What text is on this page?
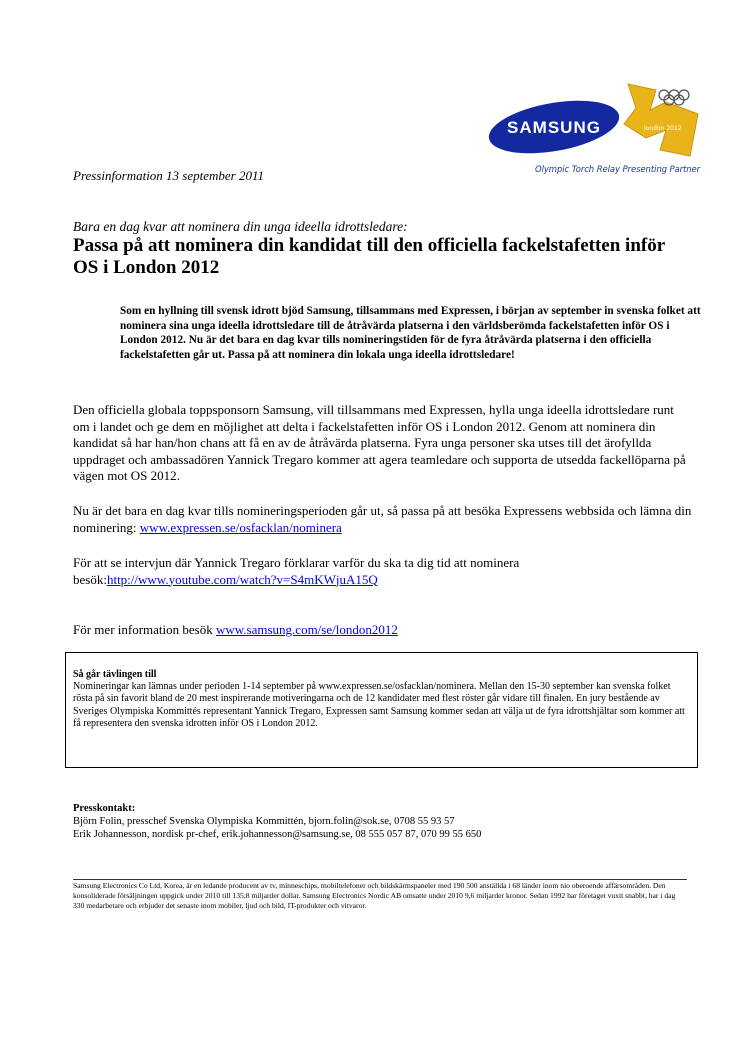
SAMSUNG	london 2012
Olympic Torch Relay Presenting Partner
Pressinformation 13 september 2011
Bara en dag kvar att nominera din unga ideella idrottsledare:
Passa på att nominera din kandidat till den officiella fackelstafetten inför OS i London 2012

Som en hyllning till svensk idrott bjöd Samsung, tillsammans med Expressen, i början av september in svenska folket att nominera sina unga ideella idrottsledare till de åtråvärda platserna i den världsberömda fackelstafetten inför OS i London 2012. Nu är det bara en dag kvar tills nomineringstiden för de fyra åtråvärda platserna i den officiella fackelstafetten går ut. Passa på att nominera din lokala unga ideella idrottsledare!

Den officiella globala toppsponsorn Samsung, vill tillsammans med Expressen, hylla unga ideella idrottsledare runt om i landet och ge dem en möjlighet att delta i fackelstafetten inför OS i London 2012. Genom att nominera din kandidat så har han/hon chans att få en av de åtråvärda platserna. Fyra unga personer ska utses till det ärofyllda uppdraget och ambassadören Yannick Tregaro kommer att agera teamledare och supporta de utsedda fackellöparna på vägen mot OS 2012.

Nu är det bara en dag kvar tills nomineringsperioden går ut, så passa på att besöka Expressens webbsida och lämna din nominering: www.expressen.se/osfacklan/nominera

För att se intervjun där Yannick Tregaro förklarar varför du ska ta dig tid att nominera besök:http://www.youtube.com/watch?v=S4mKWjuA15Q

För mer information besök www.samsung.com/se/london2012

Så går tävlingen till

Nomineringar kan lämnas under perioden 1-14 september på www.expressen.se/osfacklan/nominera. Mellan den 15-30 september kan svenska folket rösta på sin favorit bland de 20 mest inspirerande motiveringarna och de 12 kandidater med flest röster går vidare till finalen. En jury bestående av Sveriges Olympiska Kommittés representant Yannick Tregaro, Expressen samt Samsung kommer sedan att välja ut de fyra idrottshjältar som kommer att få representera den svenska idrotten inför OS i London 2012.

Presskontakt:
Björn Folin, presschef Svenska Olympiska Kommittén, bjorn.folin@sok.se, 0708 55 93 57
Erik Johannesson, nordisk pr-chef, erik.johannesson@samsung.se, 08 555 057 87, 070 99 55 650

Samsung Electronics Co Ltd, Korea, är en ledande producent av tv, minneschips, mobiltelefoner och bildskärmspaneler med 190 500 anställda i 68 länder inom nio oberoende affärsområden. Den konsoliderade försäljningen uppgick under 2010 till 135,8 miljarder dollar. Samsung Electronics Nordic AB omsatte under 2010 9,6 miljarder kronor. Sedan 1992 har företaget vuxit snabbt, har i dag 330 medarbetare och erbjuder det senaste inom mobiler, ljud och bild, IT-produkter och vitvaror.
